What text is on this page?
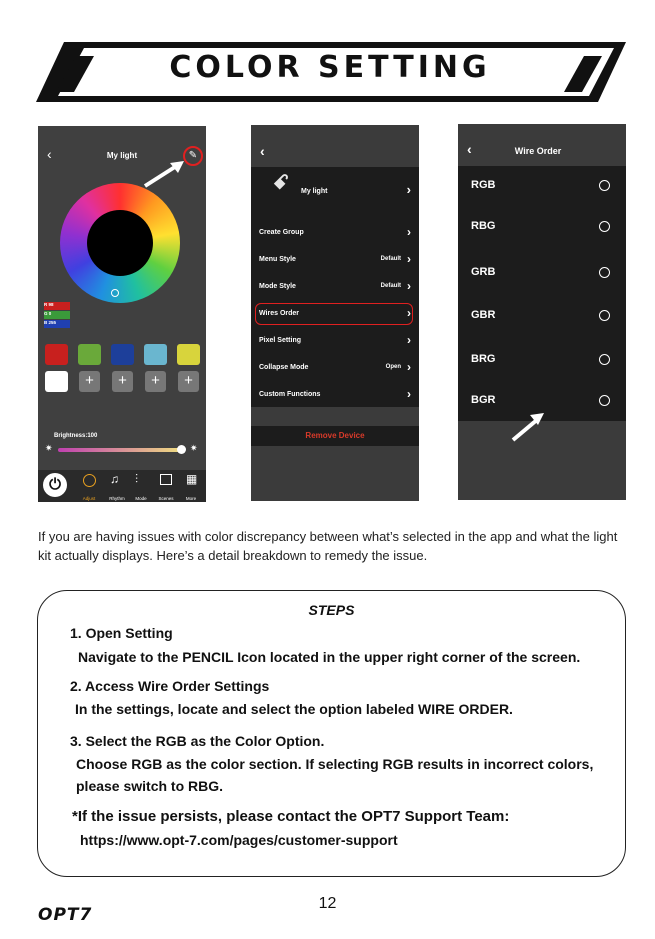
COLOR SETTING
‹	My light	✎
R 98
G 0
B 255
+	+	+	+
Brightness:100
✷	✷
⏻
Adjust
♫
Rhythm
⫶
Mode	Scenes
▦
More
‹
ꗃ My light	›
Create Group	›
Menu Style	Default ›
Mode Style	Default ›
Wires Order	›
Pixel Setting	›
Collapse Mode	Open ›
Custom Functions	›
Remove Device
‹	Wire Order
RGB
RBG
GRB
GBR
BRG
BGR
If you are having issues with color discrepancy between what’s selected in the app and what the light kit actually displays. Here’s a detail breakdown to remedy the issue.
STEPS
1. Open Setting
Navigate to the PENCIL Icon located in the upper right corner of the screen.
2. Access Wire Order Settings
In the settings, locate and select the option labeled WIRE ORDER.
3. Select the RGB as the Color Option.
Choose RGB as the color section. If selecting RGB results in incorrect colors, please switch to RBG.
*If the issue persists, please contact the OPT7 Support Team:
https://www.opt-7.com/pages/customer-support
12
OPT7
